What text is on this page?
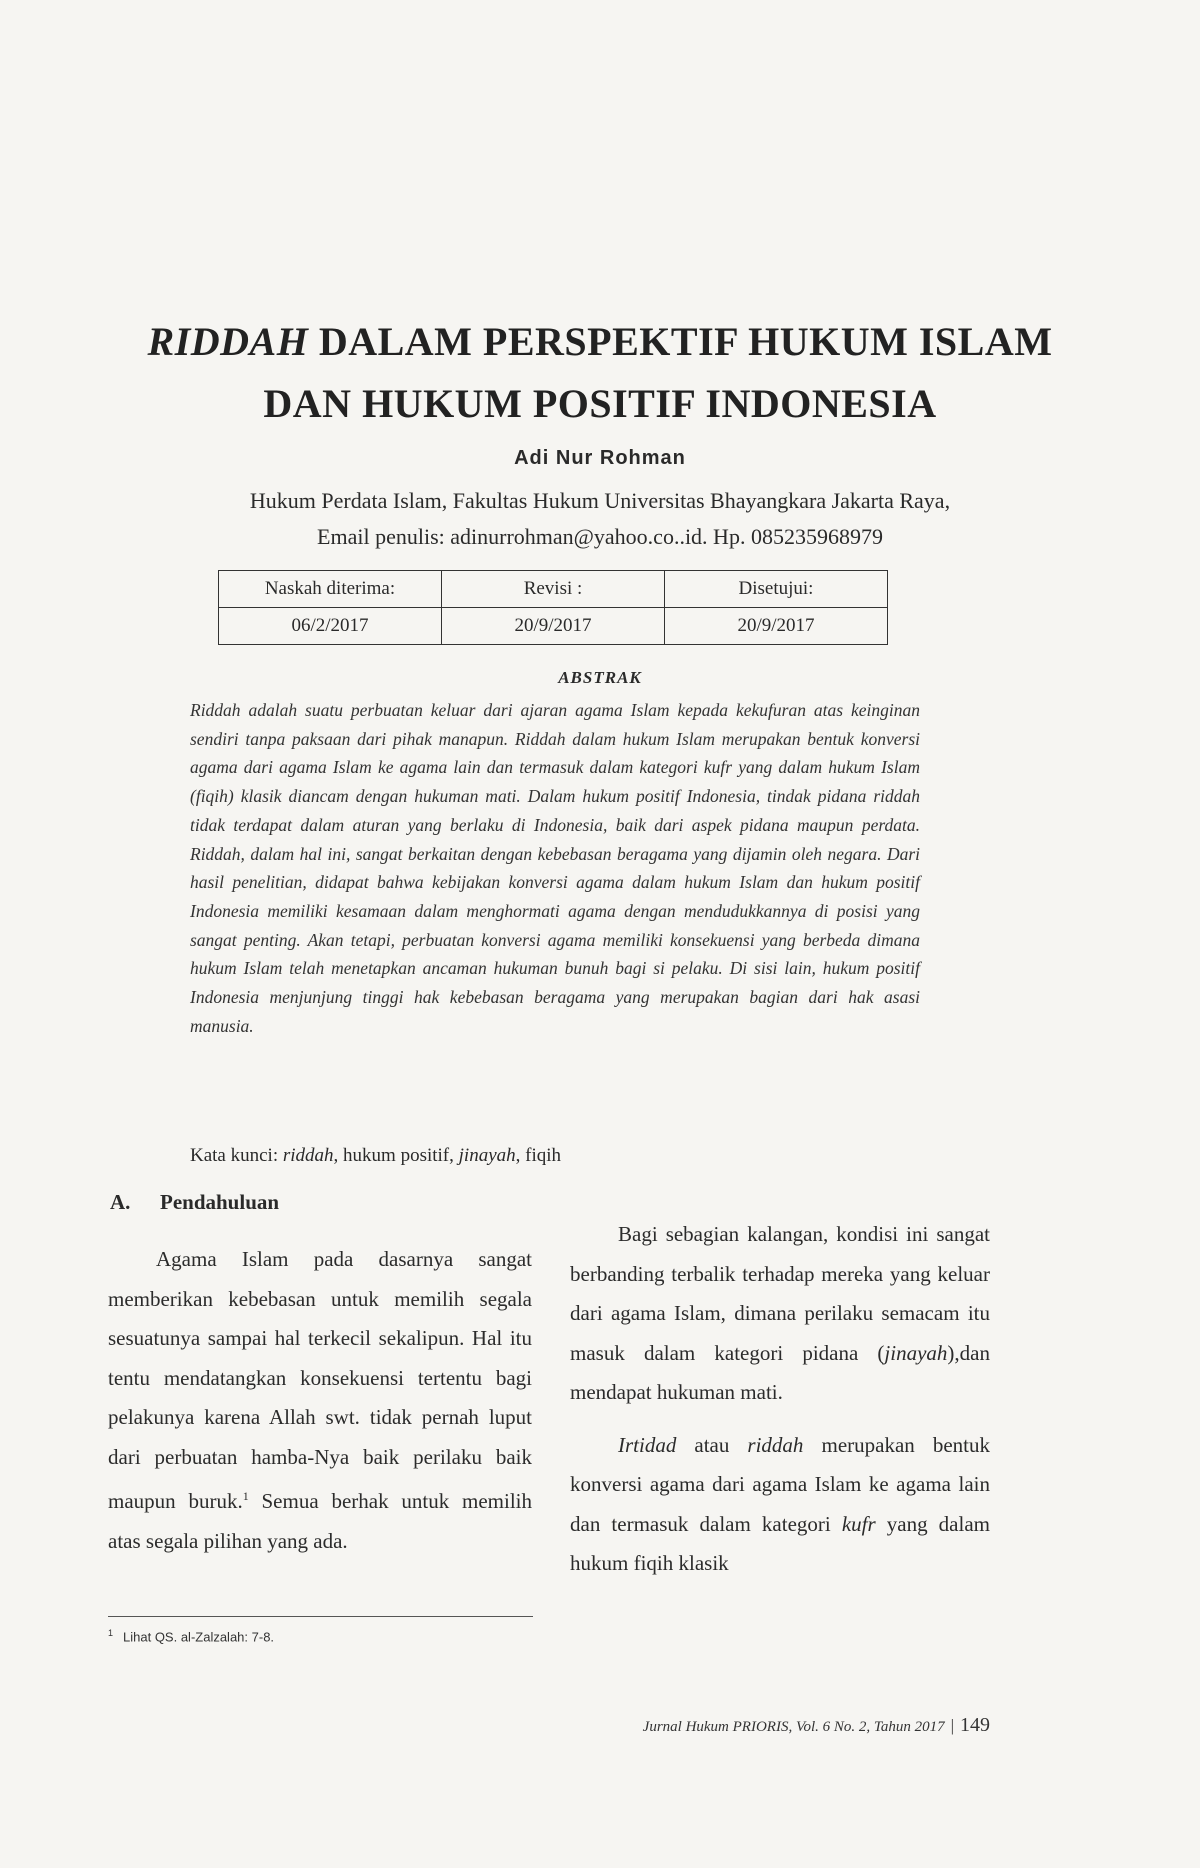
RIDDAH DALAM PERSPEKTIF HUKUM ISLAM
DAN HUKUM POSITIF INDONESIA
Adi Nur Rohman
Hukum Perdata Islam, Fakultas Hukum Universitas Bhayangkara Jakarta Raya,
Email penulis: adinurrohman@yahoo.co..id. Hp. 085235968979
Naskah diterima:	Revisi :	Disetujui:
06/2/2017	20/9/2017	20/9/2017
ABSTRAK
Riddah adalah suatu perbuatan keluar dari ajaran agama Islam kepada kekufuran atas keinginan sendiri tanpa paksaan dari pihak manapun. Riddah dalam hukum Islam merupakan bentuk konversi agama dari agama Islam ke agama lain dan termasuk dalam kategori kufr yang dalam hukum Islam (fiqih) klasik diancam dengan hukuman mati. Dalam hukum positif Indonesia, tindak pidana riddah tidak terdapat dalam aturan yang berlaku di Indonesia, baik dari aspek pidana maupun perdata. Riddah, dalam hal ini, sangat berkaitan dengan kebebasan beragama yang dijamin oleh negara. Dari hasil penelitian, didapat bahwa kebijakan konversi agama dalam hukum Islam dan hukum positif Indonesia memiliki kesamaan dalam menghormati agama dengan mendudukkannya di posisi yang sangat penting. Akan tetapi, perbuatan konversi agama memiliki konsekuensi yang berbeda dimana hukum Islam telah menetapkan ancaman hukuman bunuh bagi si pelaku. Di sisi lain, hukum positif Indonesia menjunjung tinggi hak kebebasan beragama yang merupakan bagian dari hak asasi manusia.
Kata kunci: riddah, hukum positif, jinayah, fiqih
A. Pendahuluan

Agama Islam pada dasarnya sangat memberikan kebebasan untuk memilih segala sesuatunya sampai hal terkecil sekalipun. Hal itu tentu mendatangkan konsekuensi tertentu bagi pelakunya karena Allah swt. tidak pernah luput dari perbuatan hamba-Nya baik perilaku baik maupun buruk.$^1$ Semua berhak untuk memilih atas segala pilihan yang ada.

Bagi sebagian kalangan, kondisi ini sangat berbanding terbalik terhadap mereka yang keluar dari agama Islam, dimana perilaku semacam itu masuk dalam kategori pidana (jinayah),dan mendapat hukuman mati.

Irtidad atau riddah merupakan bentuk konversi agama dari agama Islam ke agama lain dan termasuk dalam kategori kufr yang dalam hukum fiqih klasik

$^1$ Lihat QS. al-Zalzalah: 7-8.
Jurnal Hukum PRIORIS, Vol. 6 No. 2, Tahun 2017 | 149
